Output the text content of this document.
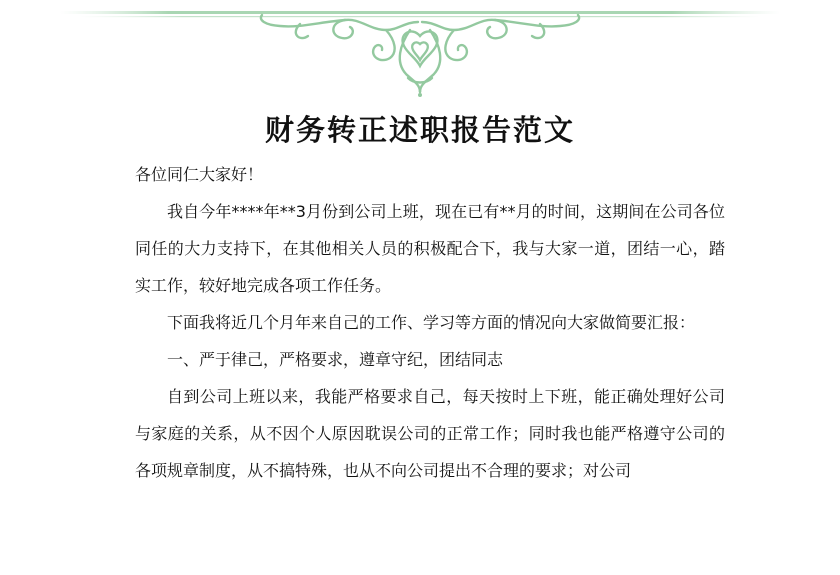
财务转正述职报告范文

各位同仁大家好！

我自今年****年**3月份到公司上班，现在已有**月的时间，这期间在公司各位同任的大力支持下，在其他相关人员的积极配合下，我与大家一道，团结一心，踏实工作，较好地完成各项工作任务。

下面我将近几个月年来自己的工作、学习等方面的情况向大家做简要汇报：

一、严于律己，严格要求，遵章守纪，团结同志

自到公司上班以来，我能严格要求自己，每天按时上下班，能正确处理好公司与家庭的关系，从不因个人原因耽误公司的正常工作；同时我也能严格遵守公司的各项规章制度，从不搞特殊，也从不向公司提出不合理的要求；对公司
